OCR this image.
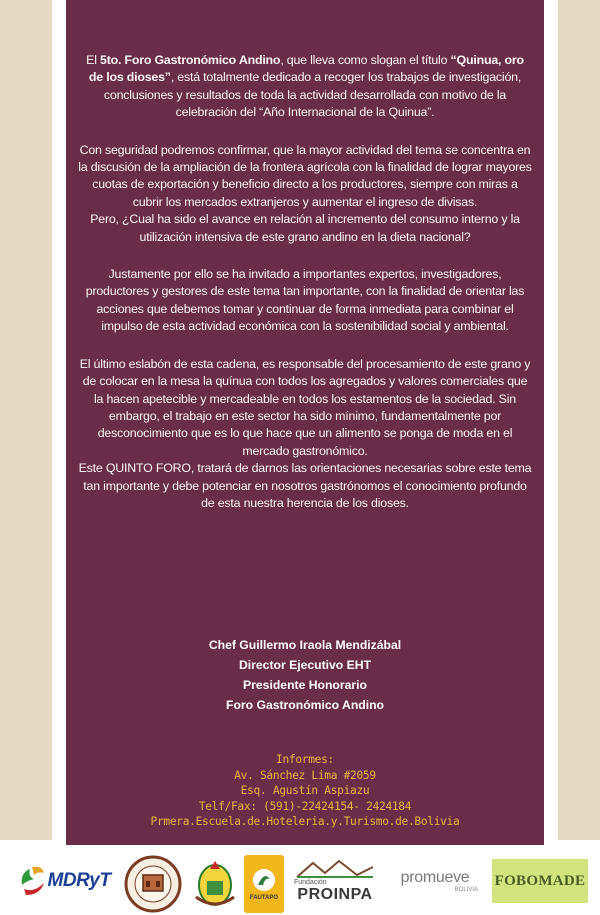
El 5to. Foro Gastronómico Andino, que lleva como slogan el título “Quinua, oro de los dioses”, está totalmente dedicado a recoger los trabajos de investigación, conclusiones y resultados de toda la actividad desarrollada con motivo de la celebración del “Año Internacional de la Quinua”.

Con seguridad podremos confirmar, que la mayor actividad del tema se concentra en la discusión de la ampliación de la frontera agrícola con la finalidad de lograr mayores cuotas de exportación y beneficio directo a los productores, siempre con miras a cubrir los mercados extranjeros y aumentar el ingreso de divisas.
Pero, ¿Cual ha sido el avance en relación al incremento del consumo interno y la utilización intensiva de este grano andino en la dieta nacional?

Justamente por ello se ha invitado a importantes expertos, investigadores, productores y gestores de este tema tan importante, con la finalidad de orientar las acciones que debemos tomar y continuar de forma inmediata para combinar el impulso de esta actividad económica con la sostenibilidad social y ambiental.

El último eslabón de esta cadena, es responsable del procesamiento de este grano y de colocar en la mesa la quínua con todos los agregados y valores comerciales que la hacen apetecible y mercadeable en todos los estamentos de la sociedad. Sin embargo, el trabajo en este sector ha sido mínimo, fundamentalmente por desconocimiento que es lo que hace que un alimento se ponga de moda en el mercado gastronómico.
Este QUINTO FORO, tratará de darnos las orientaciones necesarias sobre este tema tan importante y debe potenciar en nosotros gastrónomos el conocimiento profundo de esta nuestra herencia de los dioses.

Chef Guillermo Iraola Mendizábal
Director Ejecutivo EHT
Presidente Honorario
Foro Gastronómico Andino
Informes:
Av. Sánchez Lima #2059
Esq. Agustín Aspiazu
Telf/Fax: (591)-22424154- 2424184
Prmera.Escuela.de.Hoteleria.y.Turismo.de.Bolivia
MDRyT
FAUTAPO
Fundación
PROINPA
promueve
BOLIVIA
FOBOMADE
